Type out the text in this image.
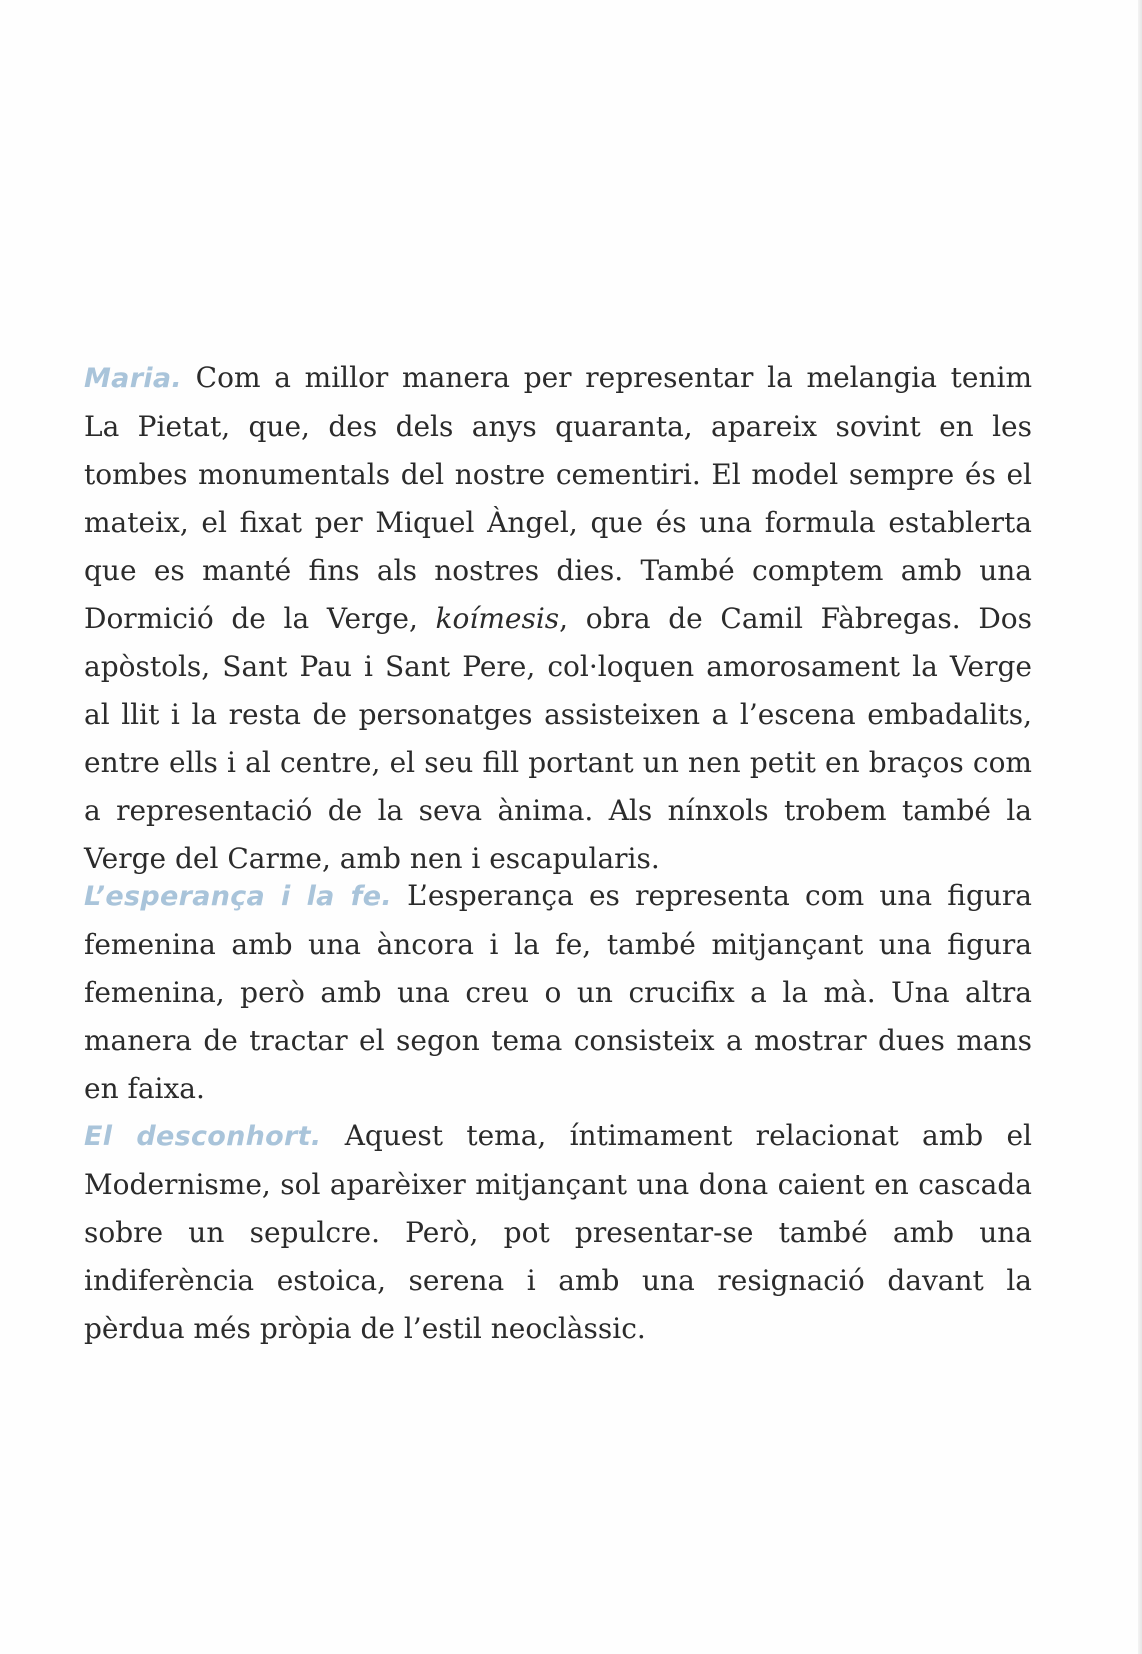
Maria. Com a millor manera per representar la melangia tenim La Pietat, que, des dels anys quaranta, apareix sovint en les tombes monumentals del nostre cementiri. El model sempre és el mateix, el fixat per Miquel Àngel, que és una formula establerta que es manté fins als nostres dies. També comptem amb una Dormició de la Verge, koímesis, obra de Camil Fàbregas. Dos apòstols, Sant Pau i Sant Pere, col·loquen amorosament la Verge al llit i la resta de personatges assisteixen a l’escena embadalits, entre ells i al centre, el seu fill portant un nen petit en braços com a representació de la seva ànima. Als nínxols trobem també la Verge del Carme, amb nen i escapularis.

L’esperança i la fe. L’esperança es representa com una figura femenina amb una àncora i la fe, també mitjançant una figura femenina, però amb una creu o un crucifix a la mà. Una altra manera de tractar el segon tema consisteix a mostrar dues mans en faixa.

El desconhort. Aquest tema, íntimament relacionat amb el Modernisme, sol aparèixer mitjançant una dona caient en cascada sobre un sepulcre. Però, pot presentar-se també amb una indiferència estoica, serena i amb una resignació davant la pèrdua més pròpia de l’estil neoclàssic.
